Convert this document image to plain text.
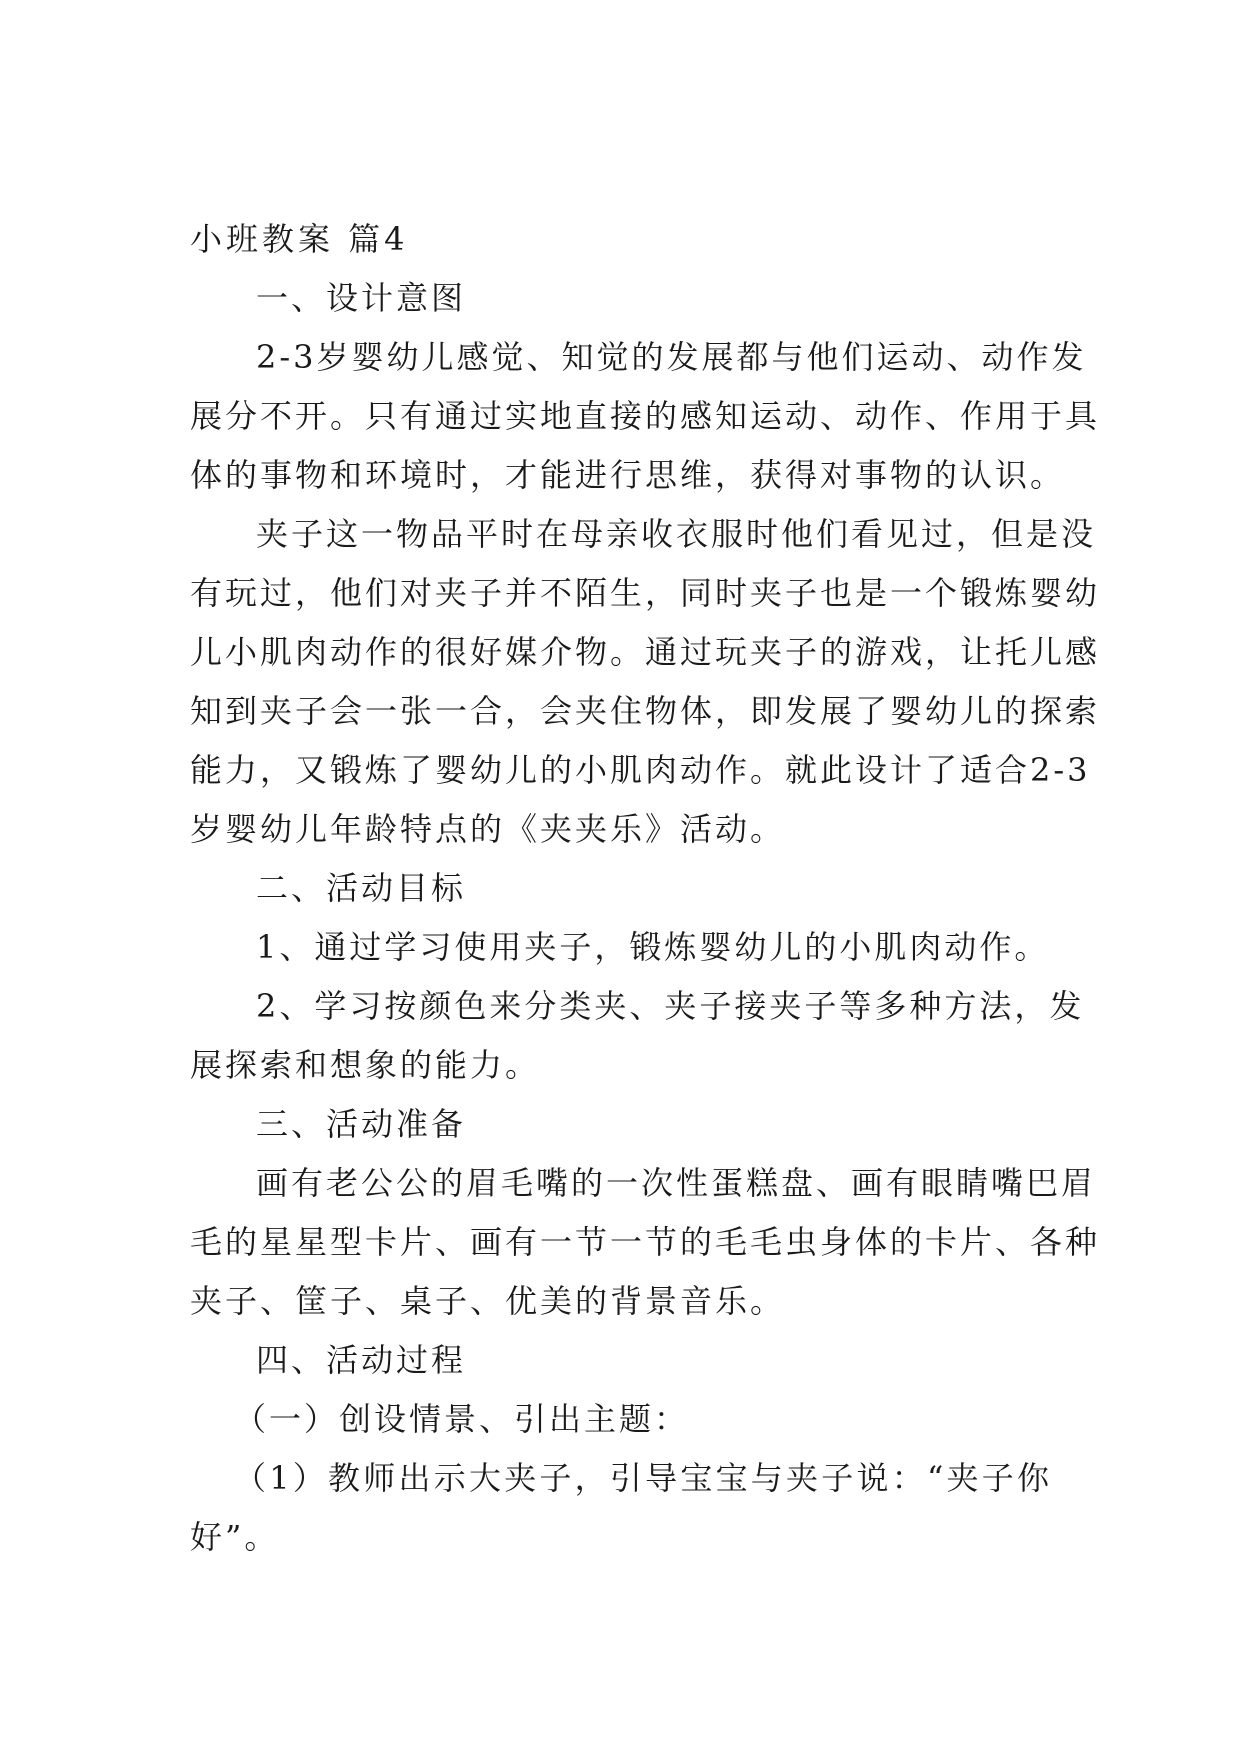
小班教案 篇4
一、设计意图
2-3岁婴幼儿感觉、知觉的发展都与他们运动、动作发
展分不开。只有通过实地直接的感知运动、动作、作用于具
体的事物和环境时，才能进行思维，获得对事物的认识。
夹子这一物品平时在母亲收衣服时他们看见过，但是没
有玩过，他们对夹子并不陌生，同时夹子也是一个锻炼婴幼
儿小肌肉动作的很好媒介物。通过玩夹子的游戏，让托儿感
知到夹子会一张一合，会夹住物体，即发展了婴幼儿的探索
能力，又锻炼了婴幼儿的小肌肉动作。就此设计了适合2-3
岁婴幼儿年龄特点的《夹夹乐》活动。
二、活动目标
1、通过学习使用夹子，锻炼婴幼儿的小肌肉动作。
2、学习按颜色来分类夹、夹子接夹子等多种方法，发
展探索和想象的能力。
三、活动准备
画有老公公的眉毛嘴的一次性蛋糕盘、画有眼睛嘴巴眉
毛的星星型卡片、画有一节一节的毛毛虫身体的卡片、各种
夹子、筐子、桌子、优美的背景音乐。
四、活动过程
（一）创设情景、引出主题：
（1）教师出示大夹子，引导宝宝与夹子说：“夹子你
好”。
